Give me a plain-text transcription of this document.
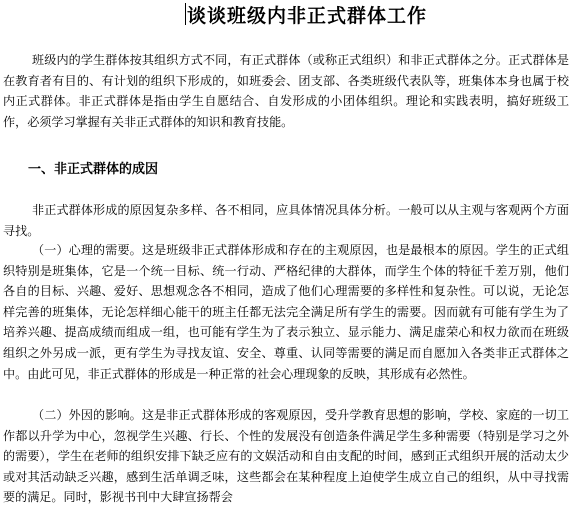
谈谈班级内非正式群体工作

班级内的学生群体按其组织方式不同，有正式群体（或称正式组织）和非正式群体之分。正式群体是在教育者有目的、有计划的组织下形成的，如班委会、团支部、各类班级代表队等，班集体本身也属于校内正式群体。非正式群体是指由学生自愿结合、自发形成的小团体组织。理论和实践表明，搞好班级工作，必须学习掌握有关非正式群体的知识和教育技能。

一、非正式群体的成因

非正式群体形成的原因复杂多样、各不相同，应具体情况具体分析。一般可以从主观与客观两个方面寻找。

（一）心理的需要。这是班级非正式群体形成和存在的主观原因，也是最根本的原因。学生的正式组织特别是班集体，它是一个统一目标、统一行动、严格纪律的大群体，而学生个体的特征千差万别，他们各自的目标、兴趣、爱好、思想观念各不相同，造成了他们心理需要的多样性和复杂性。可以说，无论怎样完善的班集体，无论怎样细心能干的班主任都无法完全满足所有学生的需要。因而就有可能有学生为了培养兴趣、提高成绩而组成一组，也可能有学生为了表示独立、显示能力、满足虚荣心和权力欲而在班级组织之外另成一派，更有学生为寻找友谊、安全、尊重、认同等需要的满足而自愿加入各类非正式群体之中。由此可见，非正式群体的形成是一种正常的社会心理现象的反映，其形成有必然性。

（二）外因的影响。这是非正式群体形成的客观原因，受升学教育思想的影响，学校、家庭的一切工作都以升学为中心，忽视学生兴趣、行长、个性的发展没有创造条件满足学生多种需要（特别是学习之外的需要），学生在老师的组织安排下缺乏应有的文娱活动和自由支配的时间，感到正式组织开展的活动太少或对其活动缺乏兴趣，感到生活单调乏味，这些都会在某种程度上迫使学生成立自己的组织，从中寻找需要的满足。同时，影视书刊中大肆宣扬帮会
